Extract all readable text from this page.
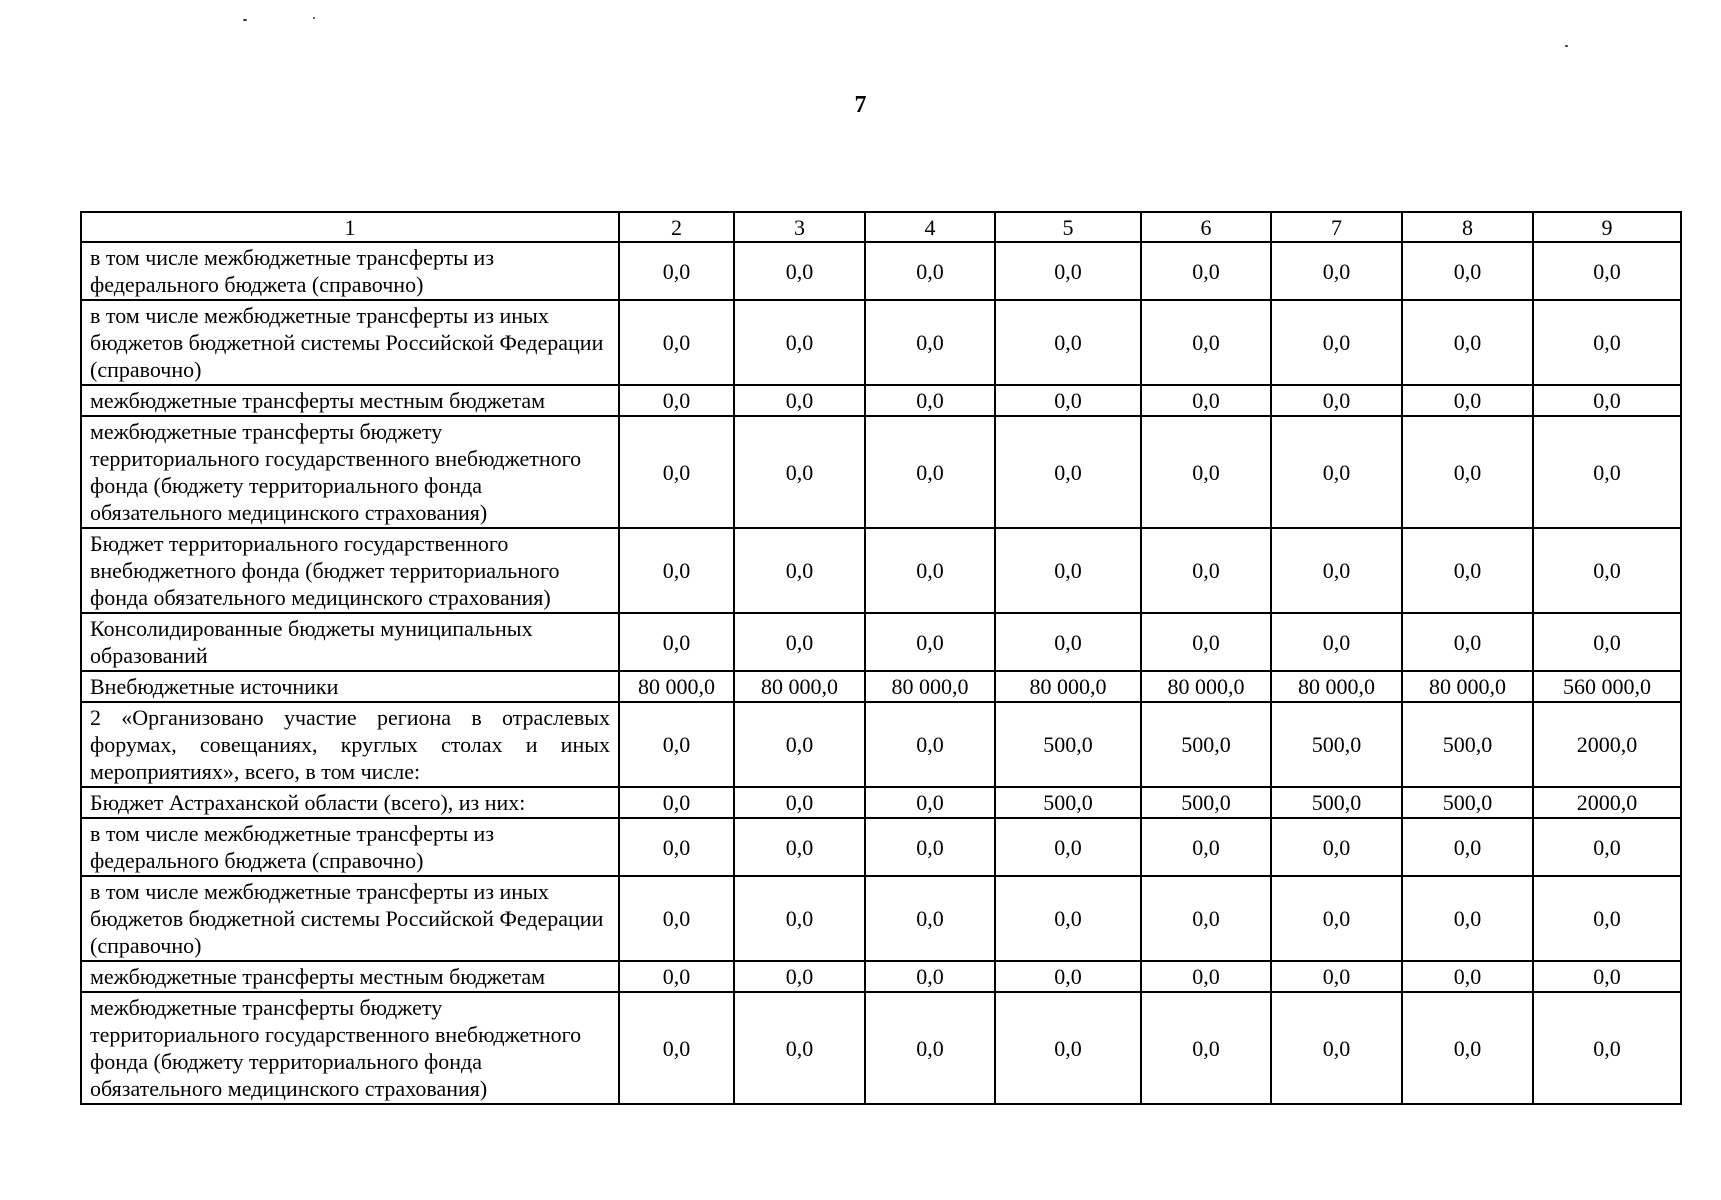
7
1	2	3	4	5	6	7	8	9
в том числе межбюджетные трансферты из федерального бюджета (справочно)	0,0	0,0	0,0	0,0	0,0	0,0	0,0	0,0
в том числе межбюджетные трансферты из иных бюджетов бюджетной системы Российской Федерации (справочно)	0,0	0,0	0,0	0,0	0,0	0,0	0,0	0,0
межбюджетные трансферты местным бюджетам	0,0	0,0	0,0	0,0	0,0	0,0	0,0	0,0
межбюджетные трансферты бюджету территориального государственного внебюджетного фонда (бюджету территориального фонда обязательного медицинского страхования)	0,0	0,0	0,0	0,0	0,0	0,0	0,0	0,0
Бюджет территориального государственного внебюджетного фонда (бюджет территориального фонда обязательного медицинского страхования)	0,0	0,0	0,0	0,0	0,0	0,0	0,0	0,0
Консолидированные бюджеты муниципальных образований	0,0	0,0	0,0	0,0	0,0	0,0	0,0	0,0
Внебюджетные источники	80 000,0	80 000,0	80 000,0	80 000,0	80 000,0	80 000,0	80 000,0	560 000,0
2 «Организовано участие региона в отраслевых форумах, совещаниях, круглых столах и иных мероприятиях», всего, в том числе:	0,0	0,0	0,0	500,0	500,0	500,0	500,0	2000,0
Бюджет Астраханской области (всего), из них:	0,0	0,0	0,0	500,0	500,0	500,0	500,0	2000,0
в том числе межбюджетные трансферты из федерального бюджета (справочно)	0,0	0,0	0,0	0,0	0,0	0,0	0,0	0,0
в том числе межбюджетные трансферты из иных бюджетов бюджетной системы Российской Федерации (справочно)	0,0	0,0	0,0	0,0	0,0	0,0	0,0	0,0
межбюджетные трансферты местным бюджетам	0,0	0,0	0,0	0,0	0,0	0,0	0,0	0,0
межбюджетные трансферты бюджету территориального государственного внебюджетного фонда (бюджету территориального фонда обязательного медицинского страхования)	0,0	0,0	0,0	0,0	0,0	0,0	0,0	0,0
